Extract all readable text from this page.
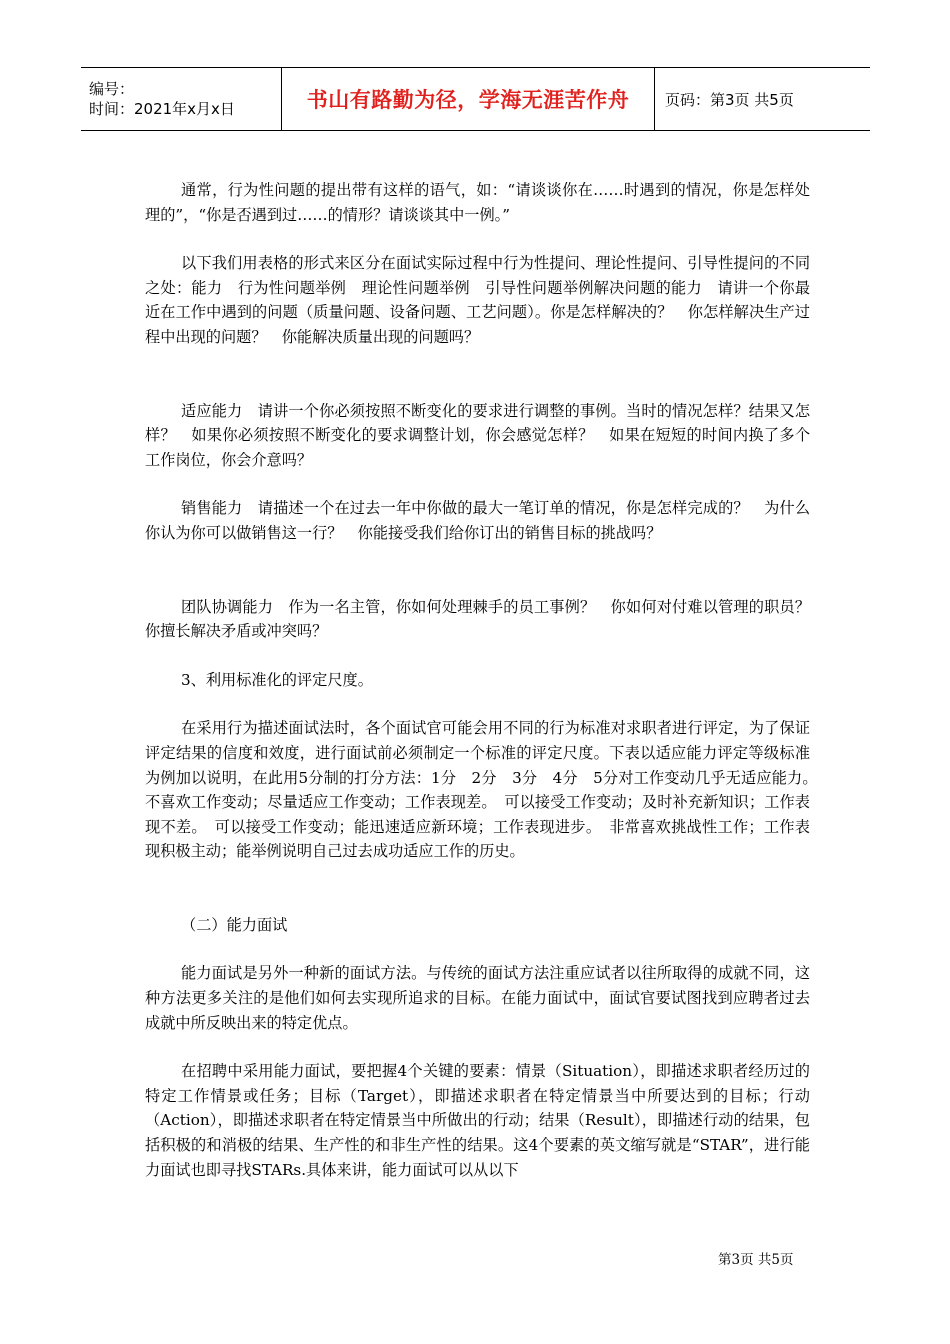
编号：
时间：2021年x月x日	书山有路勤为径，学海无涯苦作舟	页码：第3页 共5页

通常，行为性问题的提出带有这样的语气，如：“请谈谈你在……时遇到的情况，你是怎样处理的”，“你是否遇到过……的情形？请谈谈其中一例。”

以下我们用表格的形式来区分在面试实际过程中行为性提问、理论性提问、引导性提问的不同之处：能力　行为性问题举例　理论性问题举例　引导性问题举例解决问题的能力　请讲一个你最近在工作中遇到的问题（质量问题、设备问题、工艺问题）。你是怎样解决的？　你怎样解决生产过程中出现的问题？　你能解决质量出现的问题吗？

适应能力　请讲一个你必须按照不断变化的要求进行调整的事例。当时的情况怎样？结果又怎样？　如果你必须按照不断变化的要求调整计划，你会感觉怎样？　如果在短短的时间内换了多个工作岗位，你会介意吗？

销售能力　请描述一个在过去一年中你做的最大一笔订单的情况，你是怎样完成的？　为什么你认为你可以做销售这一行？　你能接受我们给你订出的销售目标的挑战吗？

团队协调能力　作为一名主管，你如何处理棘手的员工事例？　你如何对付难以管理的职员？　你擅长解决矛盾或冲突吗？

3、利用标准化的评定尺度。

在采用行为描述面试法时，各个面试官可能会用不同的行为标准对求职者进行评定，为了保证评定结果的信度和效度，进行面试前必须制定一个标准的评定尺度。下表以适应能力评定等级标准为例加以说明，在此用5分制的打分方法：1分　2分　3分　4分　5分对工作变动几乎无适应能力。　不喜欢工作变动；尽量适应工作变动；工作表现差。　可以接受工作变动；及时补充新知识；工作表现不差。　可以接受工作变动；能迅速适应新环境；工作表现进步。　非常喜欢挑战性工作；工作表现积极主动；能举例说明自己过去成功适应工作的历史。

（二）能力面试

能力面试是另外一种新的面试方法。与传统的面试方法注重应试者以往所取得的成就不同，这种方法更多关注的是他们如何去实现所追求的目标。在能力面试中，面试官要试图找到应聘者过去成就中所反映出来的特定优点。

在招聘中采用能力面试，要把握4个关键的要素：情景（Situation），即描述求职者经历过的特定工作情景或任务；目标（Target），即描述求职者在特定情景当中所要达到的目标；行动（Action），即描述求职者在特定情景当中所做出的行动；结果（Result），即描述行动的结果，包括积极的和消极的结果、生产性的和非生产性的结果。这4个要素的英文缩写就是“STAR”，进行能力面试也即寻找STARs.具体来讲，能力面试可以从以下

第3页 共5页
